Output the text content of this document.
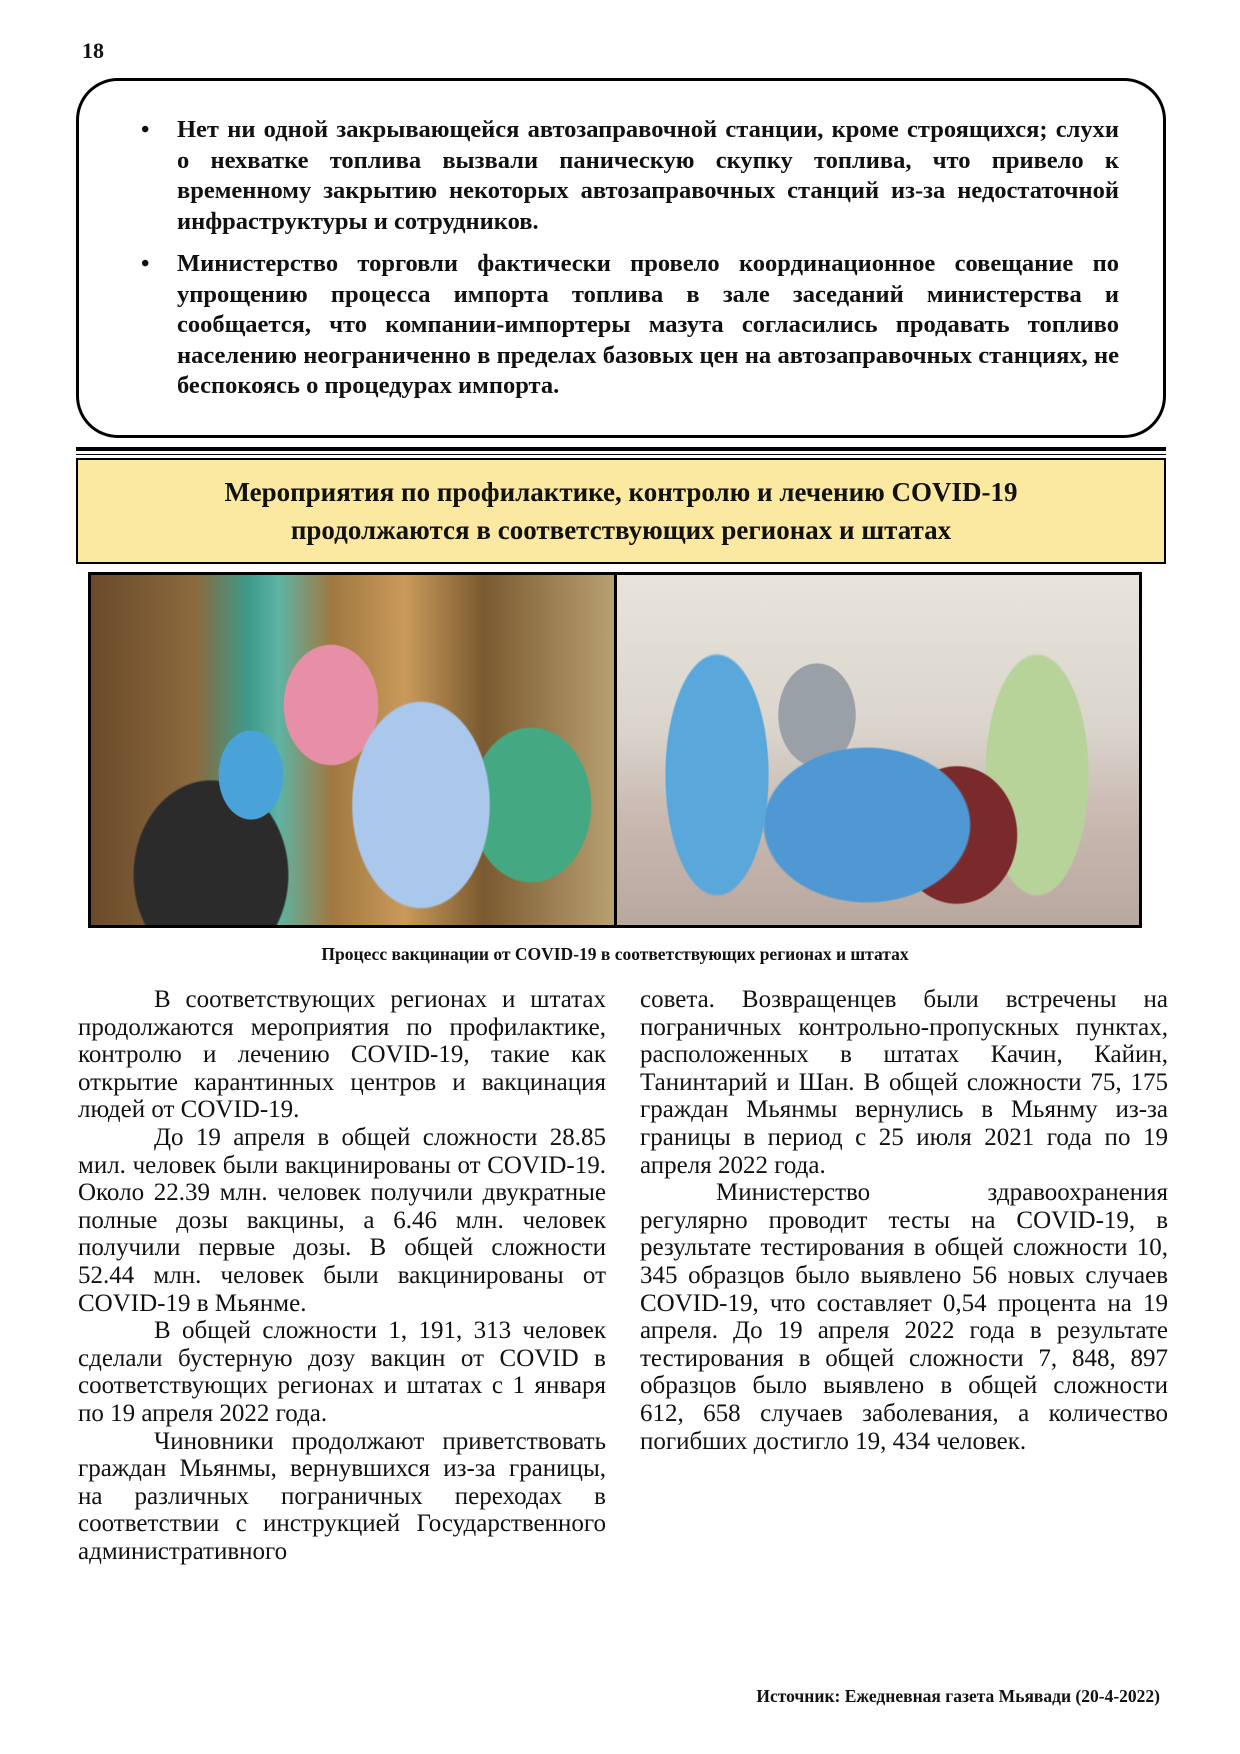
18
• Нет ни одной закрывающейся автозаправочной станции, кроме строящихся; слухи о нехватке топлива вызвали паническую скупку топлива, что привело к временному закрытию некоторых автозаправочных станций из-за недостаточной инфраструктуры и сотрудников.
• Министерство торговли фактически провело координационное совещание по упрощению процесса импорта топлива в зале заседаний министерства и сообщается, что компании-импортеры мазута согласились продавать топливо населению неограниченно в пределах базовых цен на автозаправочных станциях, не беспокоясь о процедурах импорта.
Мероприятия по профилактике, контролю и лечению COVID-19
продолжаются в соответствующих регионах и штатах
Процесс вакцинации от COVID-19 в соответствующих регионах и штатах

В соответствующих регионах и штатах продолжаются мероприятия по профилактике, контролю и лечению COVID-19, такие как открытие карантинных центров и вакцинация людей от COVID-19.

До 19 апреля в общей сложности 28.85 мил. человек были вакцинированы от COVID-19. Около 22.39 млн. человек получили двукратные полные дозы вакцины, а 6.46 млн. человек получили первые дозы. В общей сложности 52.44 млн. человек были вакцинированы от COVID-19 в Мьянме.

В общей сложности 1, 191, 313 человек сделали бустерную дозу вакцин от COVID в соответствующих регионах и штатах с 1 января по 19 апреля 2022 года.

Чиновники продолжают приветствовать граждан Мьянмы, вернувшихся из-за границы, на различных пограничных переходах в соответствии с инструкцией Государственного административного

совета. Возвращенцев были встречены на пограничных контрольно-пропускных пунктах, расположенных в штатах Качин, Кайин, Танинтарий и Шан. В общей сложности 75, 175 граждан Мьянмы вернулись в Мьянму из-за границы в период с 25 июля 2021 года по 19 апреля 2022 года.

Министерство здравоохранения регулярно проводит тесты на COVID-19, в результате тестирования в общей сложности 10, 345 образцов было выявлено 56 новых случаев COVID-19, что составляет 0,54 процента на 19 апреля. До 19 апреля 2022 года в результате тестирования в общей сложности 7, 848, 897 образцов было выявлено в общей сложности 612, 658 случаев заболевания, а количество погибших достигло 19, 434 человек.

Источник: Ежедневная газета Мьявади (20-4-2022)
